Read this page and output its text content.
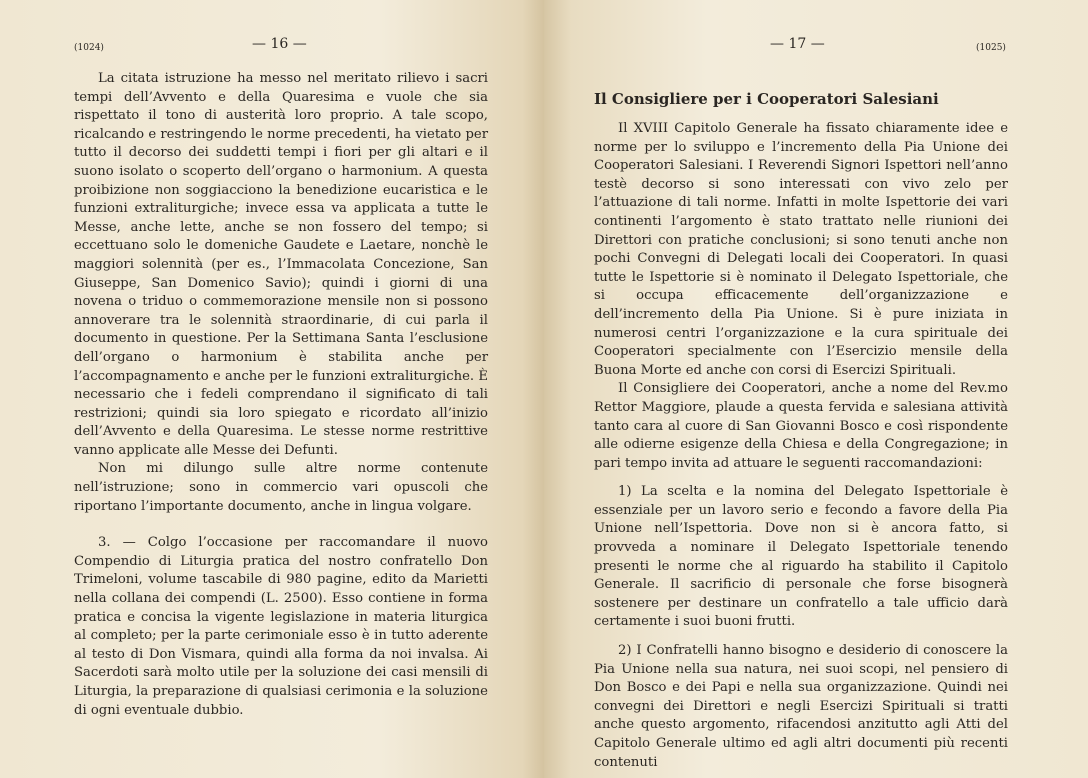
(1024)	— 16 —

La citata istruzione ha messo nel meritato rilievo i sacri tempi dell’Avvento e della Quaresima e vuole che sia rispettato il tono di austerità loro proprio. A tale scopo, ricalcando e restringendo le norme precedenti, ha vietato per tutto il decorso dei suddetti tempi i fiori per gli altari e il suono isolato o scoperto dell’organo o harmonium. A questa proibizione non soggiacciono la benedizione eucaristica e le funzioni extraliturgiche; invece essa va applicata a tutte le Messe, anche lette, anche se non fossero del tempo; si eccettuano solo le domeniche Gaudete e Laetare, nonchè le maggiori solennità (per es., l’Immacolata Concezione, San Giuseppe, San Domenico Savio); quindi i giorni di una novena o triduo o commemorazione mensile non si possono annoverare tra le solennità straordinarie, di cui parla il documento in questione. Per la Settimana Santa l’esclusione dell’organo o harmonium è stabilita anche per l’accompagnamento e anche per le funzioni extraliturgiche. È necessario che i fedeli comprendano il significato di tali restrizioni; quindi sia loro spiegato e ricordato all’inizio dell’Avvento e della Quaresima. Le stesse norme restrittive vanno applicate alle Messe dei Defunti.

Non mi dilungo sulle altre norme contenute nell’istruzione; sono in commercio vari opuscoli che riportano l’importante documento, anche in lingua volgare.

3. — Colgo l’occasione per raccomandare il nuovo Compendio di Liturgia pratica del nostro confratello Don Trimeloni, volume tascabile di 980 pagine, edito da Marietti nella collana dei compendi (L. 2500). Esso contiene in forma pratica e concisa la vigente legislazione in materia liturgica al completo; per la parte cerimoniale esso è in tutto aderente al testo di Don Vismara, quindi alla forma da noi invalsa. Ai Sacerdoti sarà molto utile per la soluzione dei casi mensili di Liturgia, la preparazione di qualsiasi cerimonia e la soluzione di ogni eventuale dubbio.

— 17 —	(1025)
Il Consigliere per i Cooperatori Salesiani

Il XVIII Capitolo Generale ha fissato chiaramente idee e norme per lo sviluppo e l’incremento della Pia Unione dei Cooperatori Salesiani. I Reverendi Signori Ispettori nell’anno testè decorso si sono interessati con vivo zelo per l’attuazione di tali norme. Infatti in molte Ispettorie dei vari continenti l’argomento è stato trattato nelle riunioni dei Direttori con pratiche conclusioni; si sono tenuti anche non pochi Convegni di Delegati locali dei Cooperatori. In quasi tutte le Ispettorie si è nominato il Delegato Ispettoriale, che si occupa efficacemente dell’organizzazione e dell’incremento della Pia Unione. Si è pure iniziata in numerosi centri l’organizzazione e la cura spirituale dei Cooperatori specialmente con l’Esercizio mensile della Buona Morte ed anche con corsi di Esercizi Spirituali.

Il Consigliere dei Cooperatori, anche a nome del Rev.mo Rettor Maggiore, plaude a questa fervida e salesiana attività tanto cara al cuore di San Giovanni Bosco e così rispondente alle odierne esigenze della Chiesa e della Congregazione; in pari tempo invita ad attuare le seguenti raccomandazioni:

1) La scelta e la nomina del Delegato Ispettoriale è essenziale per un lavoro serio e fecondo a favore della Pia Unione nell’Ispettoria. Dove non si è ancora fatto, si provveda a nominare il Delegato Ispettoriale tenendo presenti le norme che al riguardo ha stabilito il Capitolo Generale. Il sacrificio di personale che forse bisognerà sostenere per destinare un confratello a tale ufficio darà certamente i suoi buoni frutti.

2) I Confratelli hanno bisogno e desiderio di conoscere la Pia Unione nella sua natura, nei suoi scopi, nel pensiero di Don Bosco e dei Papi e nella sua organizzazione. Quindi nei convegni dei Direttori e negli Esercizi Spirituali si tratti anche questo argomento, rifacendosi anzitutto agli Atti del Capitolo Generale ultimo ed agli altri documenti più recenti contenuti
